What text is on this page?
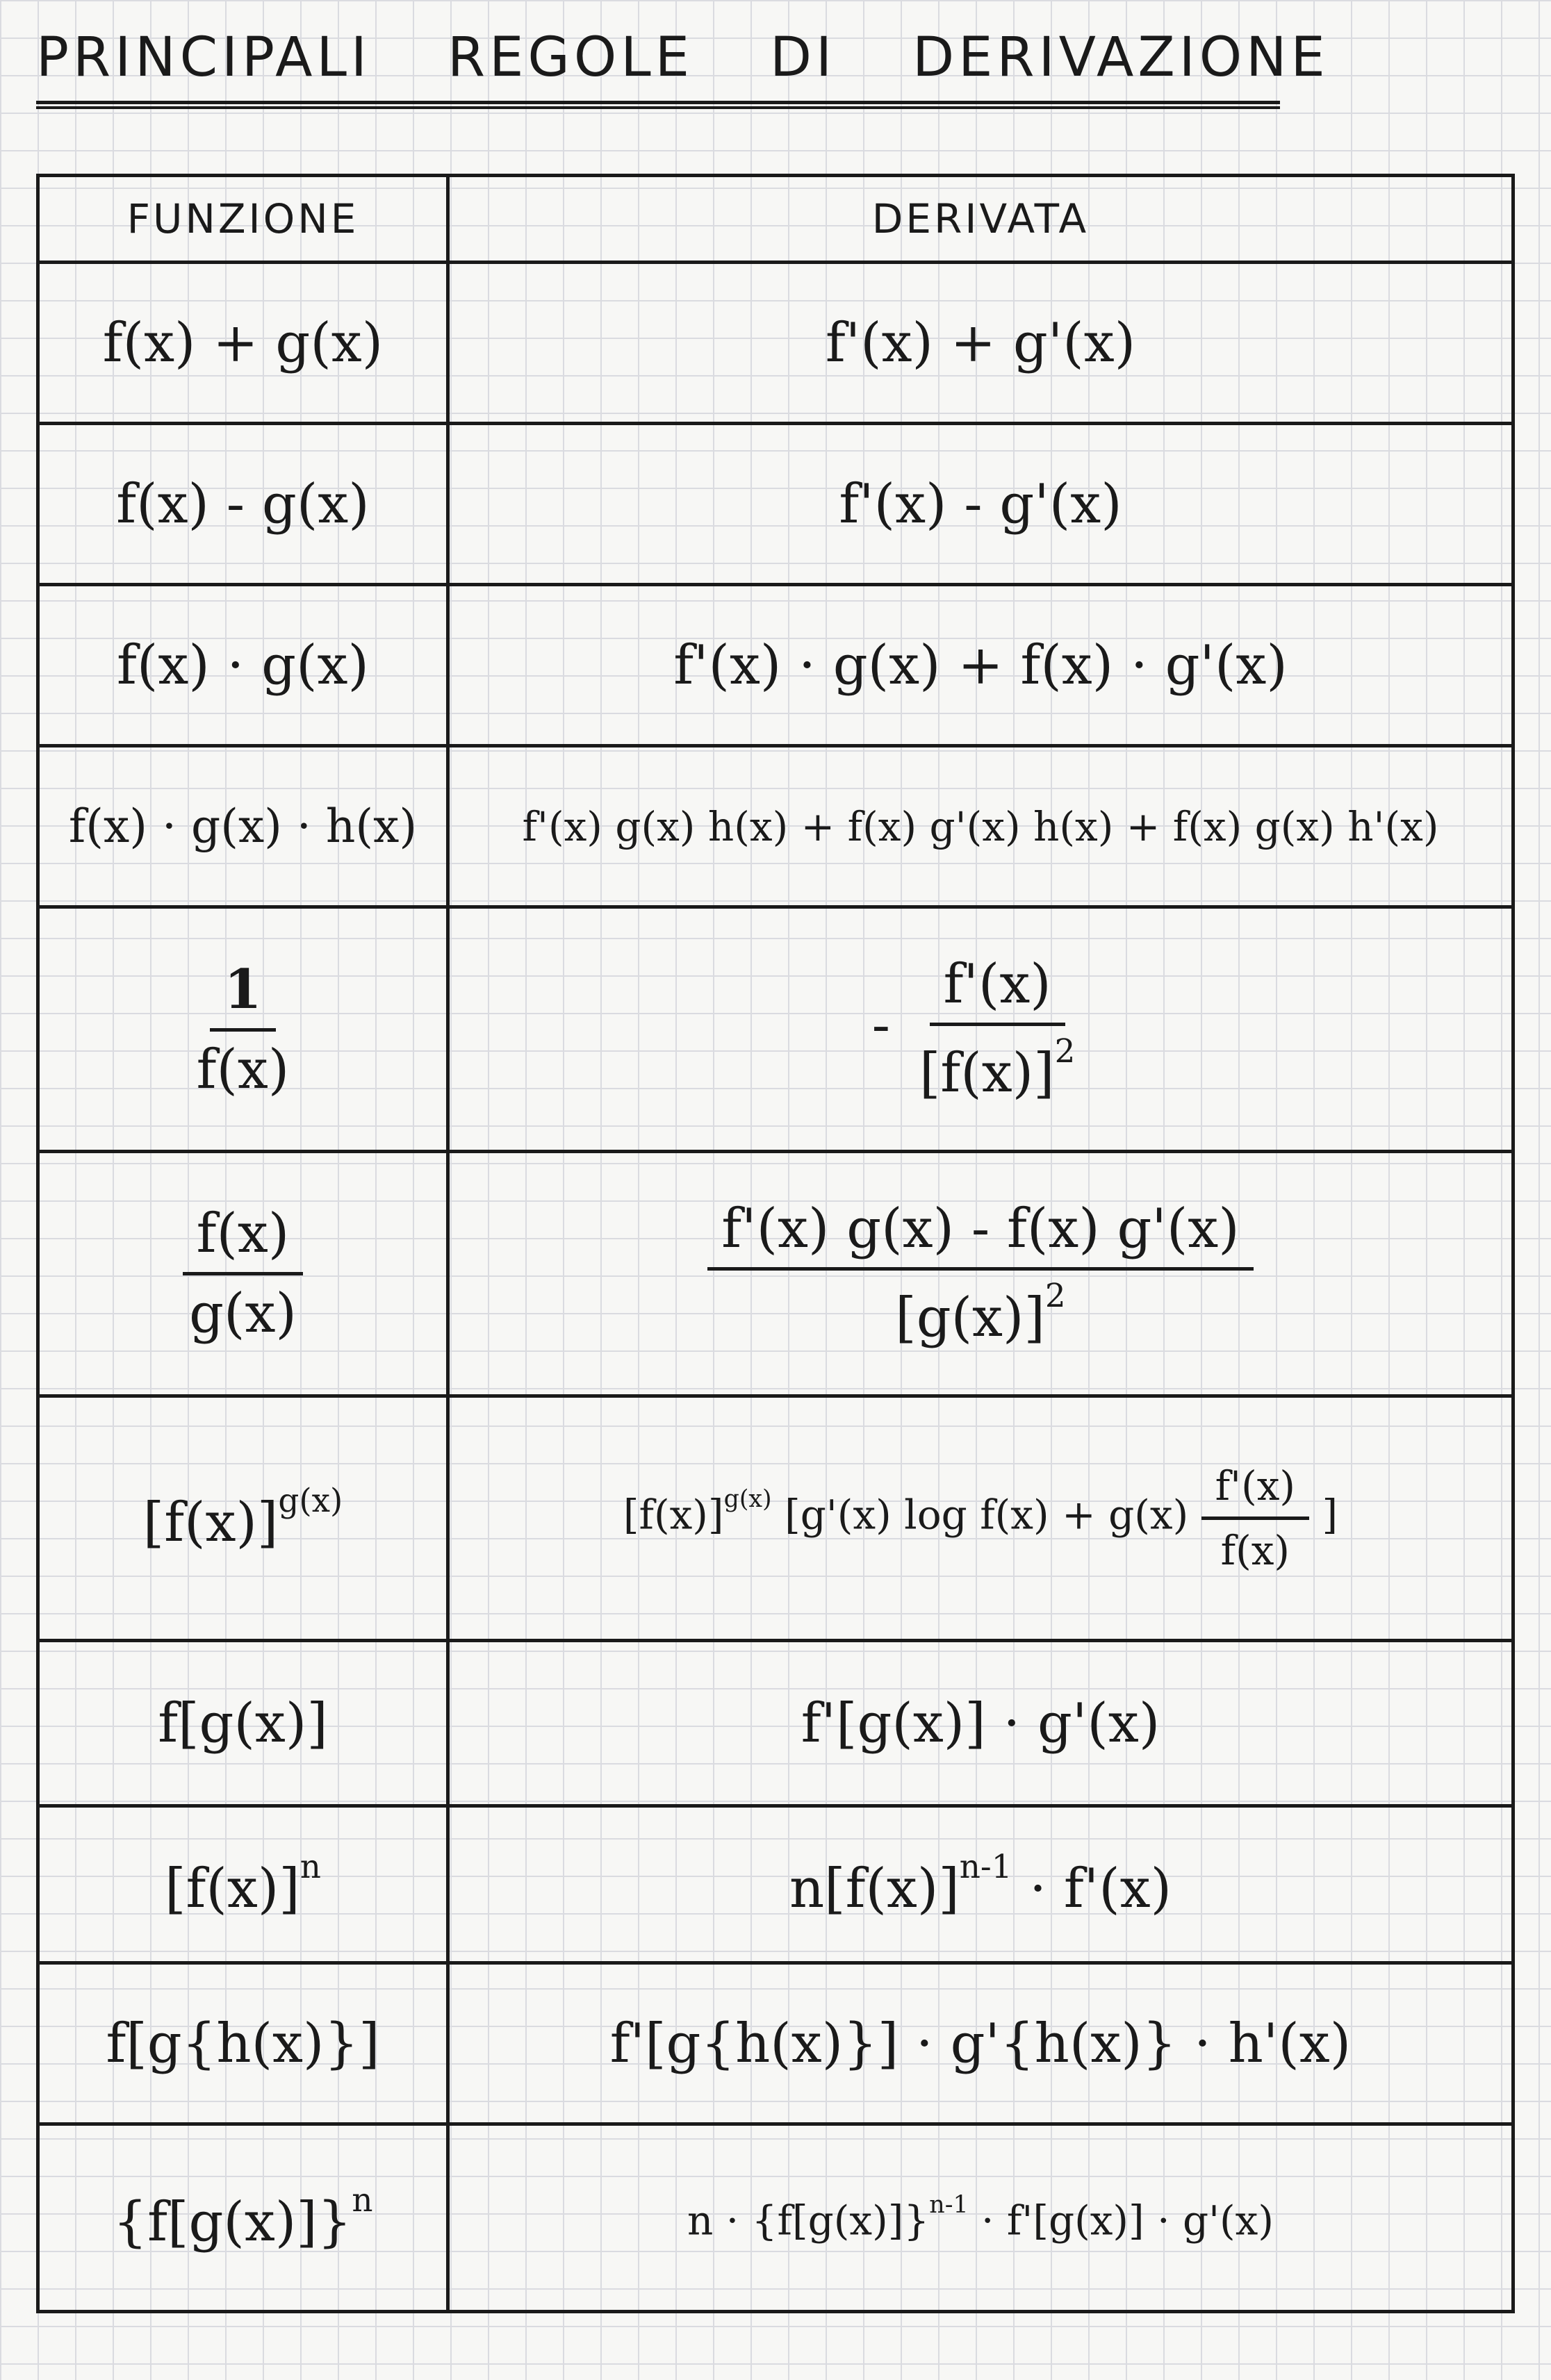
PRINCIPALI REGOLE DI DERIVAZIONE
FUNZIONE	DERIVATA
f(x) + g(x)	f'(x) + g'(x)
f(x) - g(x)	f'(x) - g'(x)
f(x) · g(x)	f'(x) · g(x) + f(x) · g'(x)
f(x) · g(x) · h(x)	f'(x) g(x) h(x) + f(x) g'(x) h(x) + f(x) g(x) h'(x)

$\frac{1}{f(x)}$	- $\frac{f'(x)}{[f(x)]^2}$

$\frac{f(x)}{g(x)}$	$\frac{f'(x) g(x) - f(x) g'(x)}{[g(x)]^2}$

$[f(x)]^{g(x)}$	$[f(x)]^{g(x)}$ [g'(x) $\log f(x) + g(x) \frac{f'(x)}{f(x)}$ ]
f[g(x)]	f'[g(x)] · g'(x)
$[f(x)]^n$	$n[f(x)]^{n-1} \cdot f'(x)$
f[g{h(x)}]	f'[g{h(x)}] · g'{h(x)} · h'(x)
$\{f[g(x)]\}^n$	$n \cdot \{f[g(x)]\}^{n-1} \cdot f'[g(x)] \cdot g'(x)$
